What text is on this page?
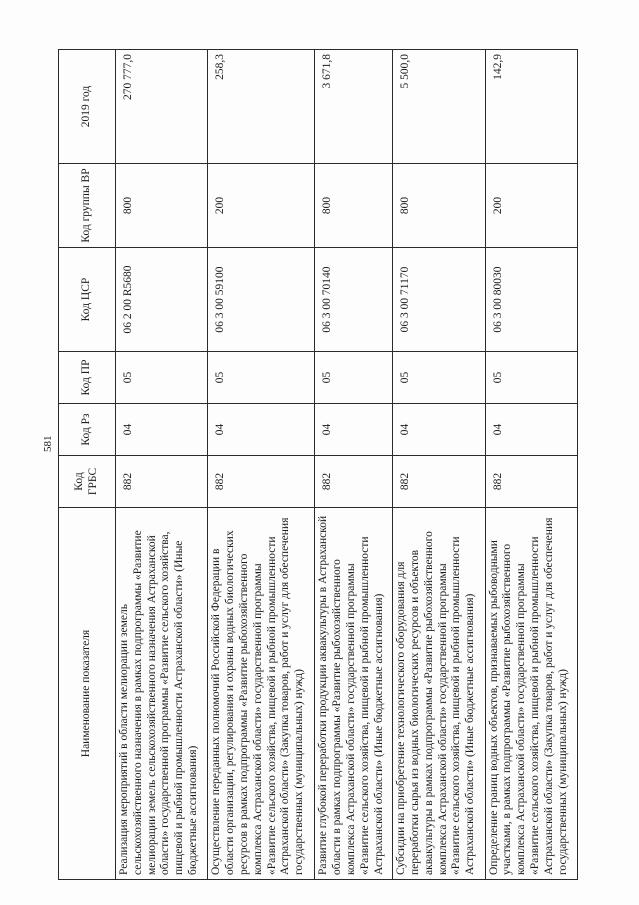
581
Наименование показателя	Код ГРБС	Код Рз	Код ПР	Код ЦСР	Код группы ВР	2019 год
Реализация мероприятий в области мелиорации земель сельскохозяйственного назначения в рамках подпрограммы «Развитие мелиорации земель сельскохозяйственного назначения Астраханской области» государственной программы «Развитие сельского хозяйства, пищевой и рыбной промышленности Астраханской области» (Иные бюджетные ассигнования)	882	04	05	06 2 00 R5680	800	270 777,0
Осуществление переданных полномочий Российской Федерации в области организации, регулирования и охраны водных биологических ресурсов в рамках подпрограммы «Развитие рыбохозяйственного комплекса Астраханской области» государственной программы «Развитие сельского хозяйства, пищевой и рыбной промышленности Астраханской области» (Закупка товаров, работ и услуг для обеспечения государственных (муниципальных) нужд)	882	04	05	06 3 00 59100	200	258,3
Развитие глубокой переработки продукции аквакультуры в Астраханской области в рамках подпрограммы «Развитие рыбохозяйственного комплекса Астраханской области» государственной программы «Развитие сельского хозяйства, пищевой и рыбной промышленности Астраханской области» (Иные бюджетные ассигнования)	882	04	05	06 3 00 70140	800	3 671,8
Субсидии на приобретение технологического оборудования для переработки сырья из водных биологических ресурсов и объектов аквакультуры в рамках подпрограммы «Развитие рыбохозяйственного комплекса Астраханской области» государственной программы «Развитие сельского хозяйства, пищевой и рыбной промышленности Астраханской области» (Иные бюджетные ассигнования)	882	04	05	06 3 00 71170	800	5 500,0
Определение границ водных объектов, признаваемых рыбоводными участками, в рамках подпрограммы «Развитие рыбохозяйственного комплекса Астраханской области» государственной программы «Развитие сельского хозяйства, пищевой и рыбной промышленности Астраханской области» (Закупка товаров, работ и услуг для обеспечения государственных (муниципальных) нужд)	882	04	05	06 3 00 80030	200	142,9
